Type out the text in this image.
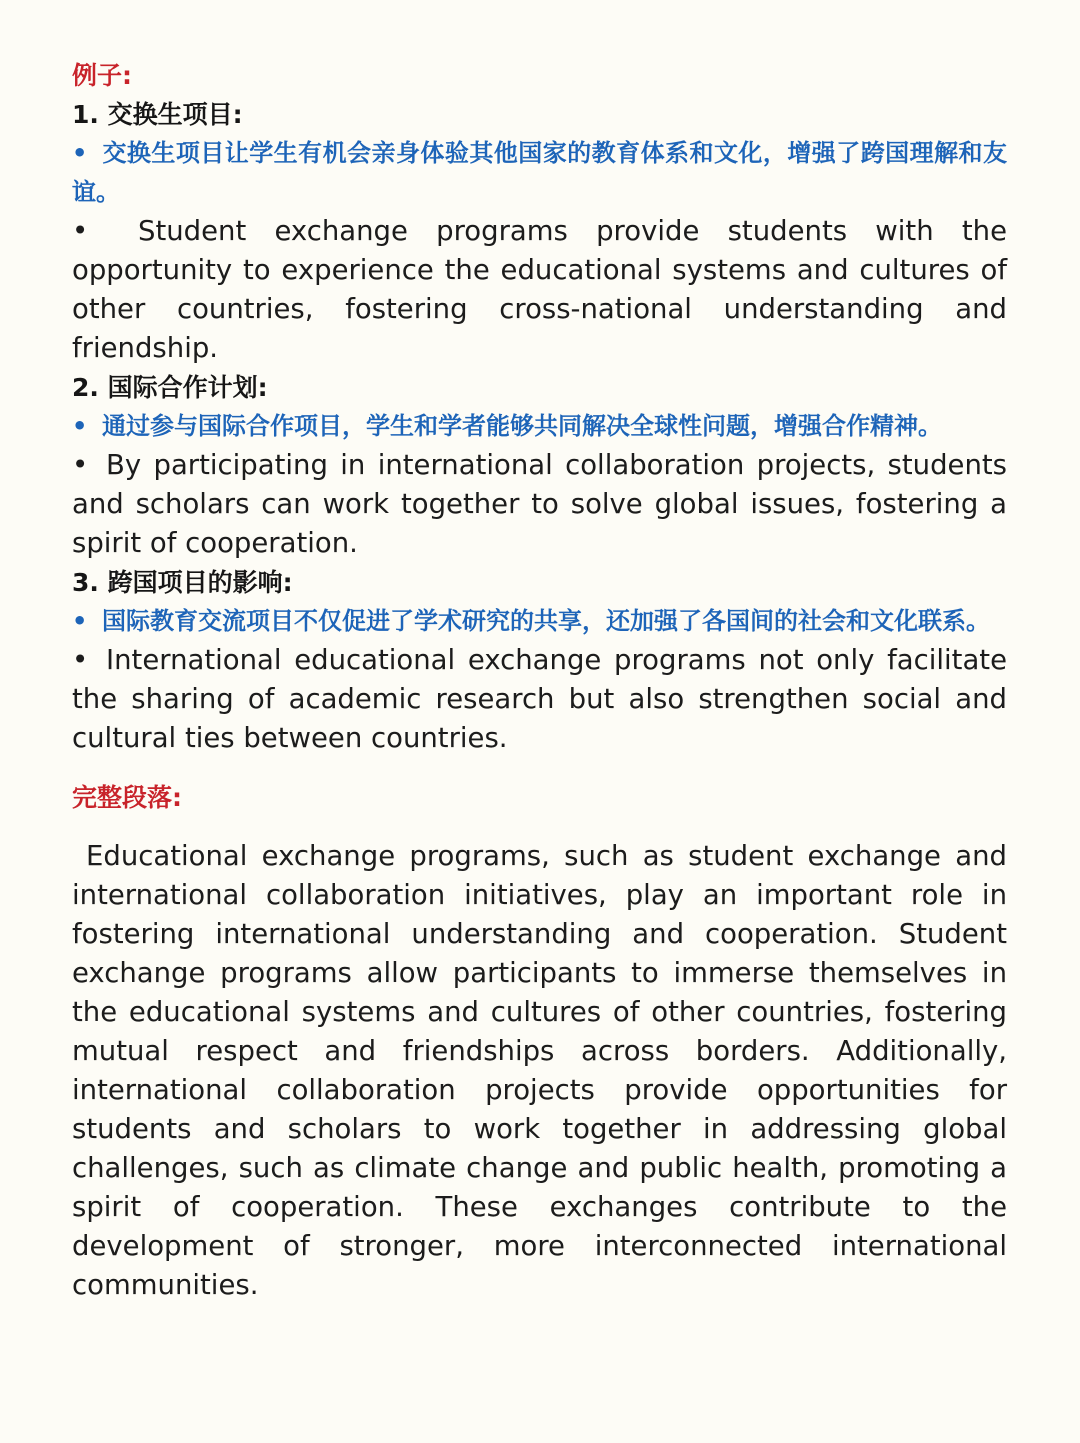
例子:
1. 交换生项目:
• 交换生项目让学生有机会亲身体验其他国家的教育体系和文化，增强了跨国理解和友谊。
• Student exchange programs provide students with the opportunity to experience the educational systems and cultures of other countries, fostering cross-national understanding and friendship.
2. 国际合作计划:
• 通过参与国际合作项目，学生和学者能够共同解决全球性问题，增强合作精神。
• By participating in international collaboration projects, students and scholars can work together to solve global issues, fostering a spirit of cooperation.
3. 跨国项目的影响:
• 国际教育交流项目不仅促进了学术研究的共享，还加强了各国间的社会和文化联系。
• International educational exchange programs not only facilitate the sharing of academic research but also strengthen social and cultural ties between countries.
完整段落:
Educational exchange programs, such as student exchange and international collaboration initiatives, play an important role in fostering international understanding and cooperation. Student exchange programs allow participants to immerse themselves in the educational systems and cultures of other countries, fostering mutual respect and friendships across borders. Additionally, international collaboration projects provide opportunities for students and scholars to work together in addressing global challenges, such as climate change and public health, promoting a spirit of cooperation. These exchanges contribute to the development of stronger, more interconnected international communities.
